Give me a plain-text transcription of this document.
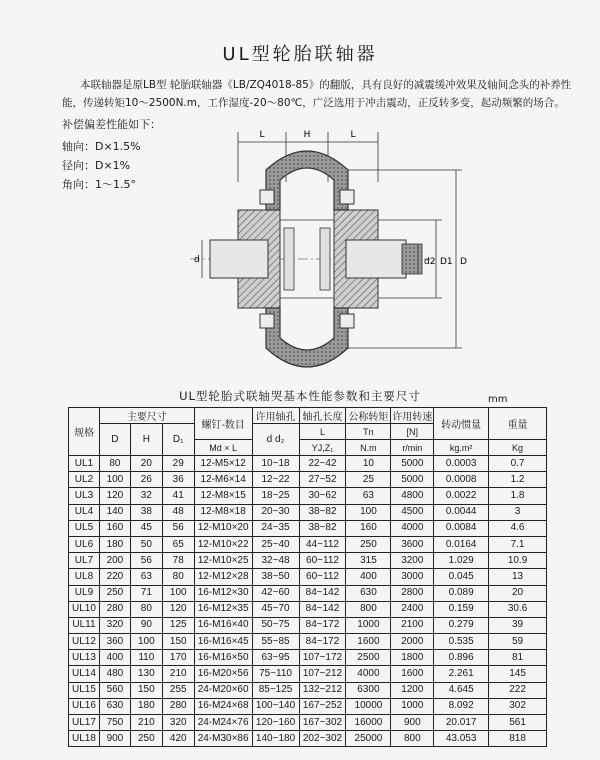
UL型轮胎联轴器

本联轴器是原LB型 轮胎联轴器《LB/ZQ4018-85》的翻版，具有良好的减震缓冲效果及轴间念头的补养性

能，传递转矩10～2500N.m，工作湿度-20～80℃，广泛选用于冲击震动，正反转多变，起动频繁的场合。

补偿偏差性能如下：
轴向：D×1.5%
径向：D×1%
角向：1～1.5°
L	H	L
d	d2 D1 D
UL型轮胎式联轴哭基本性能参数和主要尺寸	mm
规格	主要尺寸			螺钉-数目	许用轴孔	轴孔长度	公称转矩	许用转速	转动惯量	重量
	D	H	D₁		d d₂	L	Tn	[N]		
				Md × L		YJ,Z₁	N.m	r/min	kg.m²	Kg
UL1	80	20	29	12-M5×12	10~18	22~42	10	5000	0.0003	0.7
UL2	100	26	36	12-M6×14	12~22	27~52	25	5000	0.0008	1.2
UL3	120	32	41	12-M8×15	18~25	30~62	63	4800	0.0022	1.8
UL4	140	38	48	12-M8×18	20~30	38~82	100	4500	0.0044	3
UL5	160	45	56	12-M10×20	24~35	38~82	160	4000	0.0084	4.6
UL6	180	50	65	12-M10×22	25~40	44~112	250	3600	0.0164	7.1
UL7	200	56	78	12-M10×25	32~48	60~112	315	3200	1.029	10.9
UL8	220	63	80	12-M12×28	38~50	60~112	400	3000	0.045	13
UL9	250	71	100	16-M12×30	42~60	84~142	630	2800	0.089	20
UL10	280	80	120	16-M12×35	45~70	84~142	800	2400	0.159	30.6
UL11	320	90	125	16-M16×40	50~75	84~172	1000	2100	0.279	39
UL12	360	100	150	16-M16×45	55~85	84~172	1600	2000	0.535	59
UL13	400	110	170	16-M16×50	63~95	107~172	2500	1800	0.896	81
UL14	480	130	210	16-M20×56	75~110	107~212	4000	1600	2.261	145
UL15	560	150	255	24-M20×60	85~125	132~212	6300	1200	4.645	222
UL16	630	180	280	16-M24×68	100~140	167~252	10000	1000	8.092	302
UL17	750	210	320	24-M24×76	120~160	167~302	16000	900	20.017	561
UL18	900	250	420	24-M30×86	140~180	202~302	25000	800	43.053	818
